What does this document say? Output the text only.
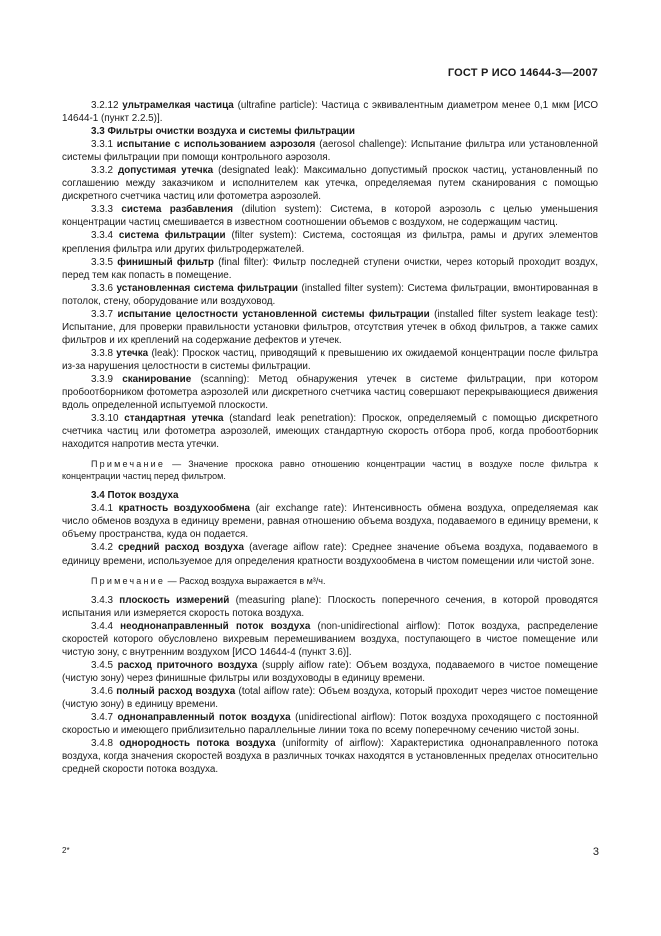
ГОСТ Р ИСО 14644-3—2007

3.2.12 ультрамелкая частица (ultrafine particle): Частица с эквивалентным диаметром менее 0,1 мкм [ИСО 14644-1 (пункт 2.2.5)].

3.3 Фильтры очистки воздуха и системы фильтрации

3.3.1 испытание с использованием аэрозоля (aerosol challenge): Испытание фильтра или установленной системы фильтрации при помощи контрольного аэрозоля.

3.3.2 допустимая утечка (designated leak): Максимально допустимый проскок частиц, установленный по соглашению между заказчиком и исполнителем как утечка, определяемая путем сканирования с помощью дискретного счетчика частиц или фотометра аэрозолей.

3.3.3 система разбавления (dilution system): Система, в которой аэрозоль с целью уменьшения концентрации частиц смешивается в известном соотношении объемов с воздухом, не содержащим частиц.

3.3.4 система фильтрации (filter system): Система, состоящая из фильтра, рамы и других элементов крепления фильтра или других фильтродержателей.

3.3.5 финишный фильтр (final filter): Фильтр последней ступени очистки, через который проходит воздух, перед тем как попасть в помещение.

3.3.6 установленная система фильтрации (installed filter system): Система фильтрации, вмонтированная в потолок, стену, оборудование или воздуховод.

3.3.7 испытание целостности установленной системы фильтрации (installed filter system leakage test): Испытание, для проверки правильности установки фильтров, отсутствия утечек в обход фильтров, а также самих фильтров и их креплений на содержание дефектов и утечек.

3.3.8 утечка (leak): Проскок частиц, приводящий к превышению их ожидаемой концентрации после фильтра из-за нарушения целостности в системы фильтрации.

3.3.9 сканирование (scanning): Метод обнаружения утечек в системе фильтрации, при котором пробоотборником фотометра аэрозолей или дискретного счетчика частиц совершают перекрывающиеся движения вдоль определенной испытуемой плоскости.

3.3.10 стандартная утечка (standard leak penetration): Проскок, определяемый с помощью дискретного счетчика частиц или фотометра аэрозолей, имеющих стандартную скорость отбора проб, когда пробоотборник находится напротив места утечки.

Примечание — Значение проскока равно отношению концентрации частиц в воздухе после фильтра к концентрации частиц перед фильтром.

3.4 Поток воздуха

3.4.1 кратность воздухообмена (air exchange rate): Интенсивность обмена воздуха, определяемая как число обменов воздуха в единицу времени, равная отношению объема воздуха, подаваемого в единицу времени, к объему пространства, куда он подается.

3.4.2 средний расход воздуха (average aiflow rate): Среднее значение объема воздуха, подаваемого в единицу времени, используемое для определения кратности воздухообмена в чистом помещении или чистой зоне.

Примечание — Расход воздуха выражается в м³/ч.

3.4.3 плоскость измерений (measuring plane): Плоскость поперечного сечения, в которой проводятся испытания или измеряется скорость потока воздуха.

3.4.4 неоднонаправленный поток воздуха (non-unidirectional airflow): Поток воздуха, распределение скоростей которого обусловлено вихревым перемешиванием воздуха, поступающего в чистое помещение или чистую зону, с внутренним воздухом [ИСО 14644-4 (пункт 3.6)].

3.4.5 расход приточного воздуха (supply aiflow rate): Объем воздуха, подаваемого в чистое помещение (чистую зону) через финишные фильтры или воздуховоды в единицу времени.

3.4.6 полный расход воздуха (total aiflow rate): Объем воздуха, который проходит через чистое помещение (чистую зону) в единицу времени.

3.4.7 однонаправленный поток воздуха (unidirectional airflow): Поток воздуха проходящего с постоянной скоростью и имеющего приблизительно параллельные линии тока по всему поперечному сечению чистой зоны.

3.4.8 однородность потока воздуха (uniformity of airflow): Характеристика однонаправленного потока воздуха, когда значения скоростей воздуха в различных точках находятся в установленных пределах относительно средней скорости потока воздуха.

2*	3
